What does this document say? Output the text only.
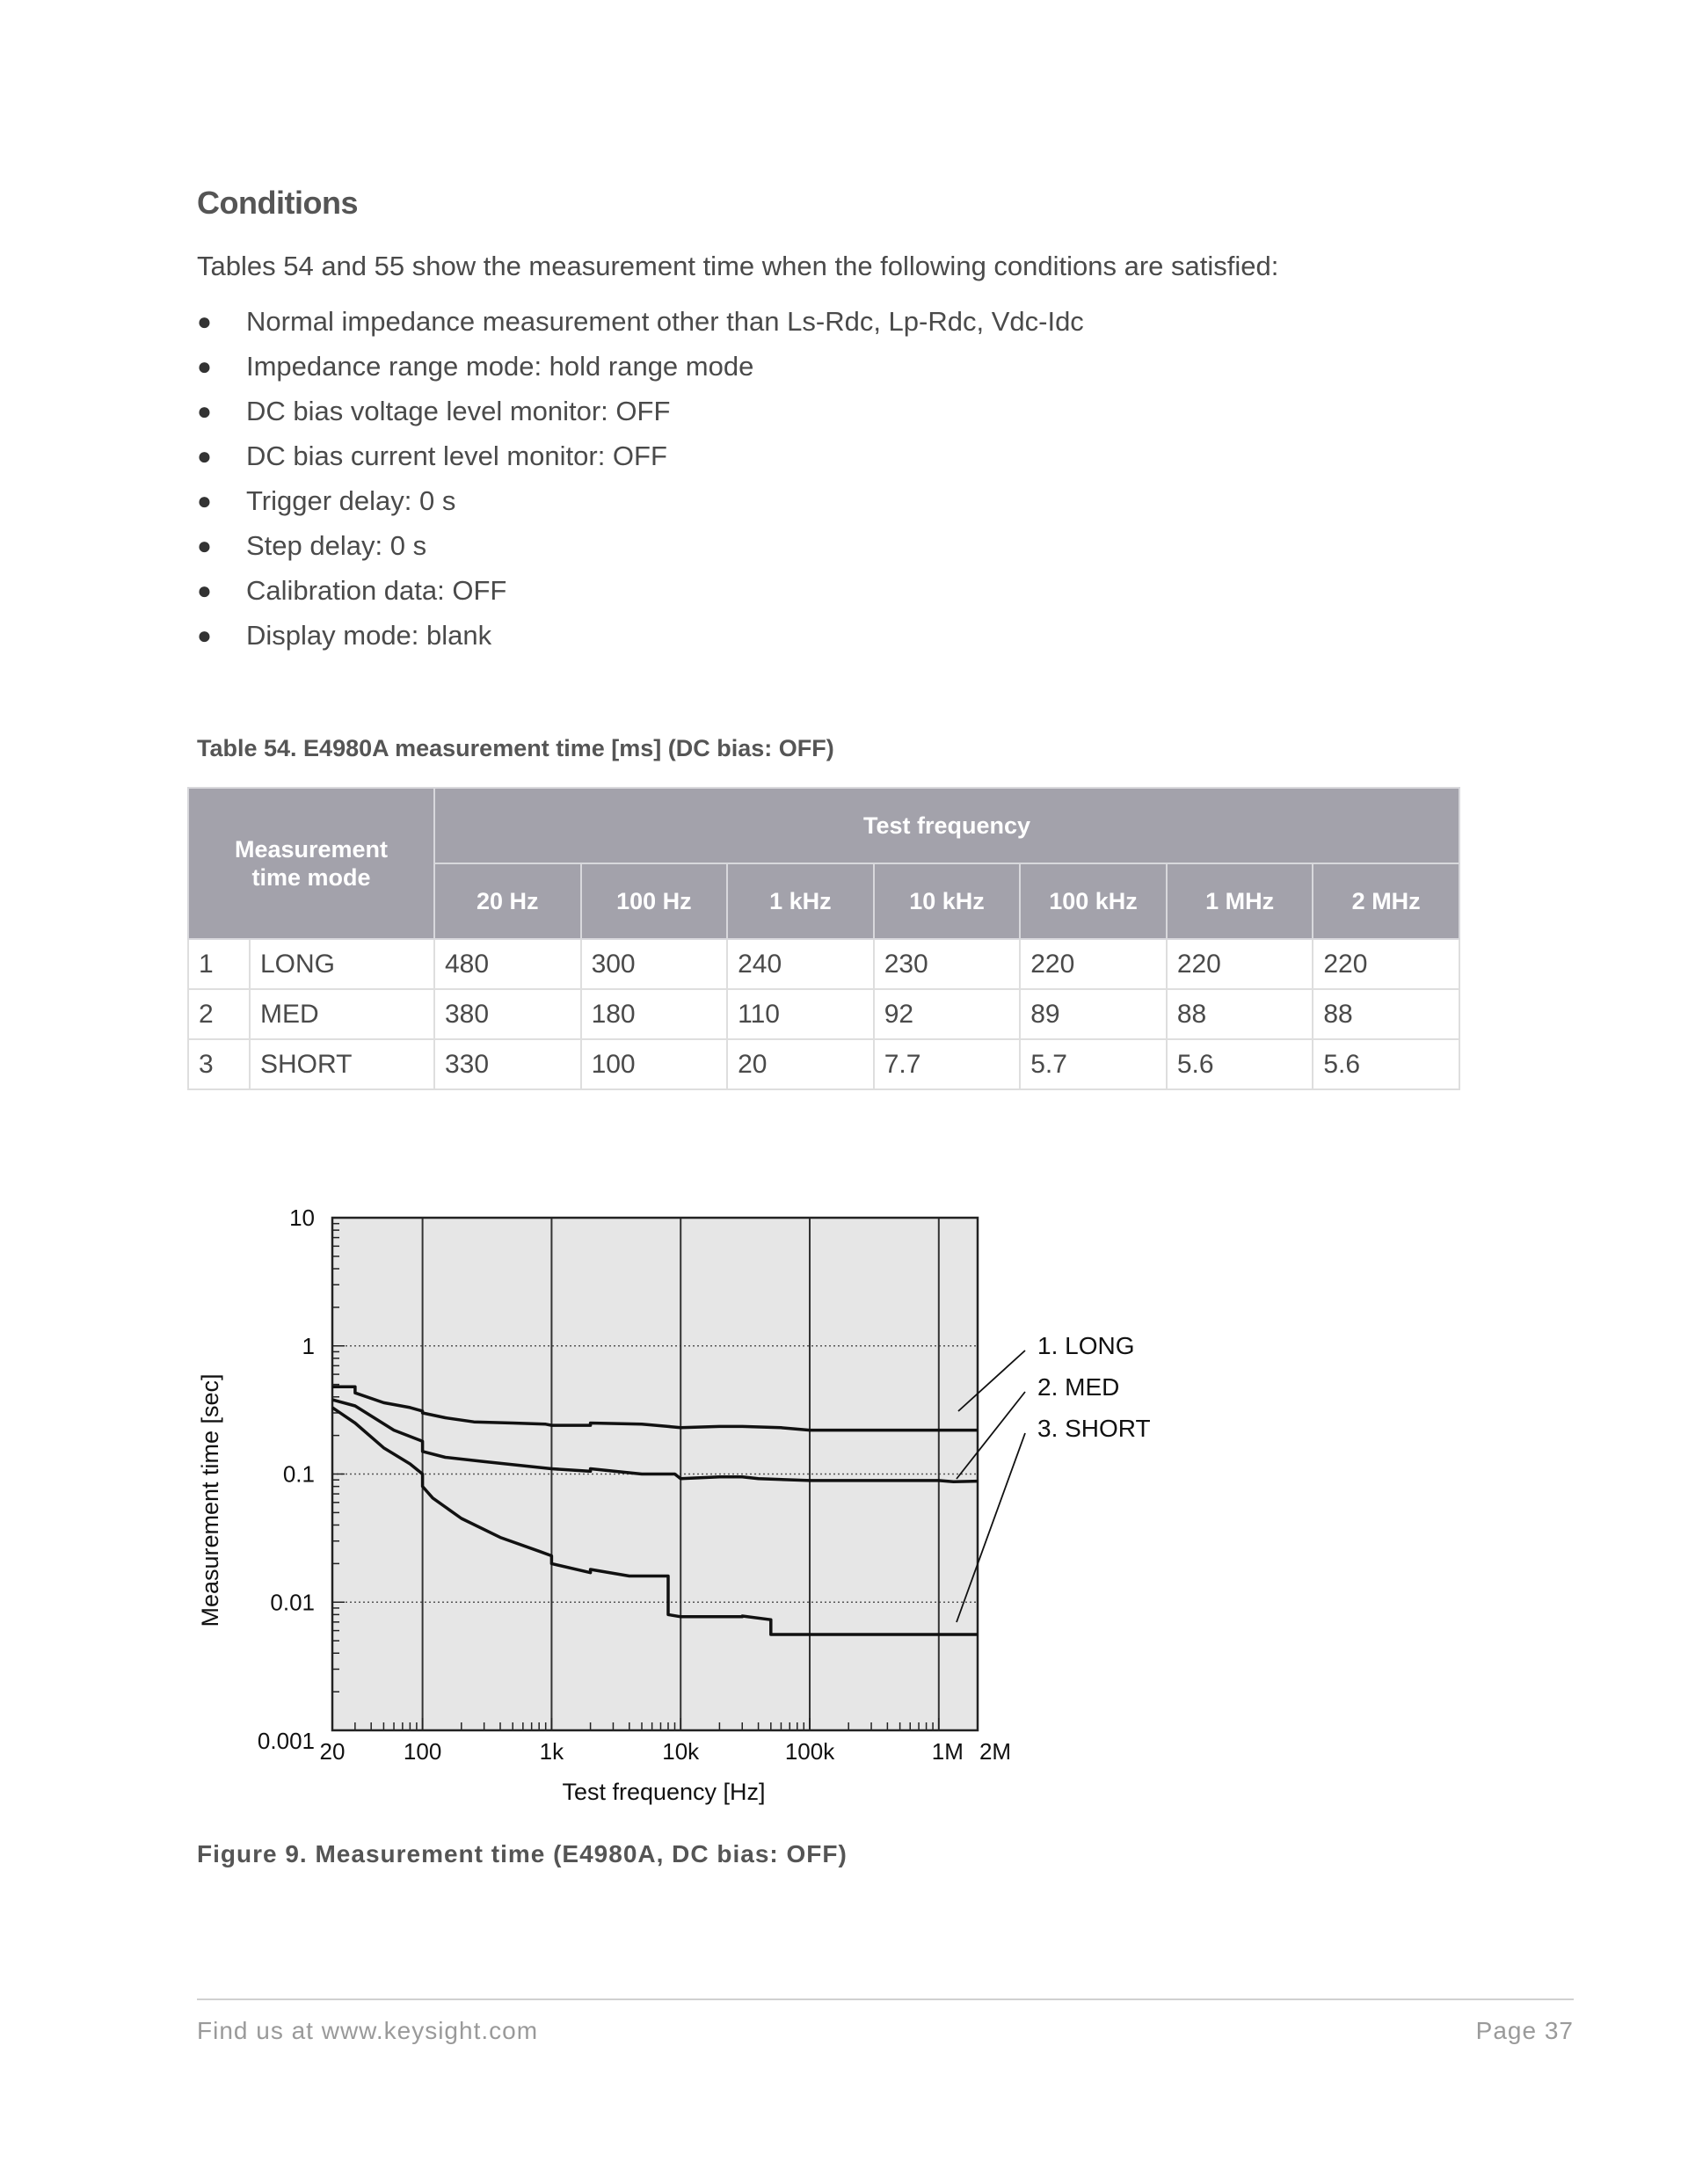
Conditions
Tables 54 and 55 show the measurement time when the following conditions are satisfied:
● Normal impedance measurement other than Ls-Rdc, Lp-Rdc, Vdc-Idc
● Impedance range mode: hold range mode
● DC bias voltage level monitor: OFF
● DC bias current level monitor: OFF
● Trigger delay: 0 s
● Step delay: 0 s
● Calibration data: OFF
● Display mode: blank
Table 54. E4980A measurement time [ms] (DC bias: OFF)
Measurement time mode		Test frequency						
		20 Hz	100 Hz	1 kHz	10 kHz	100 kHz	1 MHz	2 MHz
1	LONG	480	300	240	230	220	220	220
2	MED	380	180	110	92	89	88	88
3	SHORT	330	100	20	7.7	5.7	5.6	5.6
20	100	1k	10k	100k	1M 2M
10
1
0.1
0.01
0.001
Test frequency [Hz]
Measurement time [sec]
1. LONG
2. MED
3. SHORT
Figure 9. Measurement time (E4980A, DC bias: OFF)
Find us at www.keysight.com	Page 37
